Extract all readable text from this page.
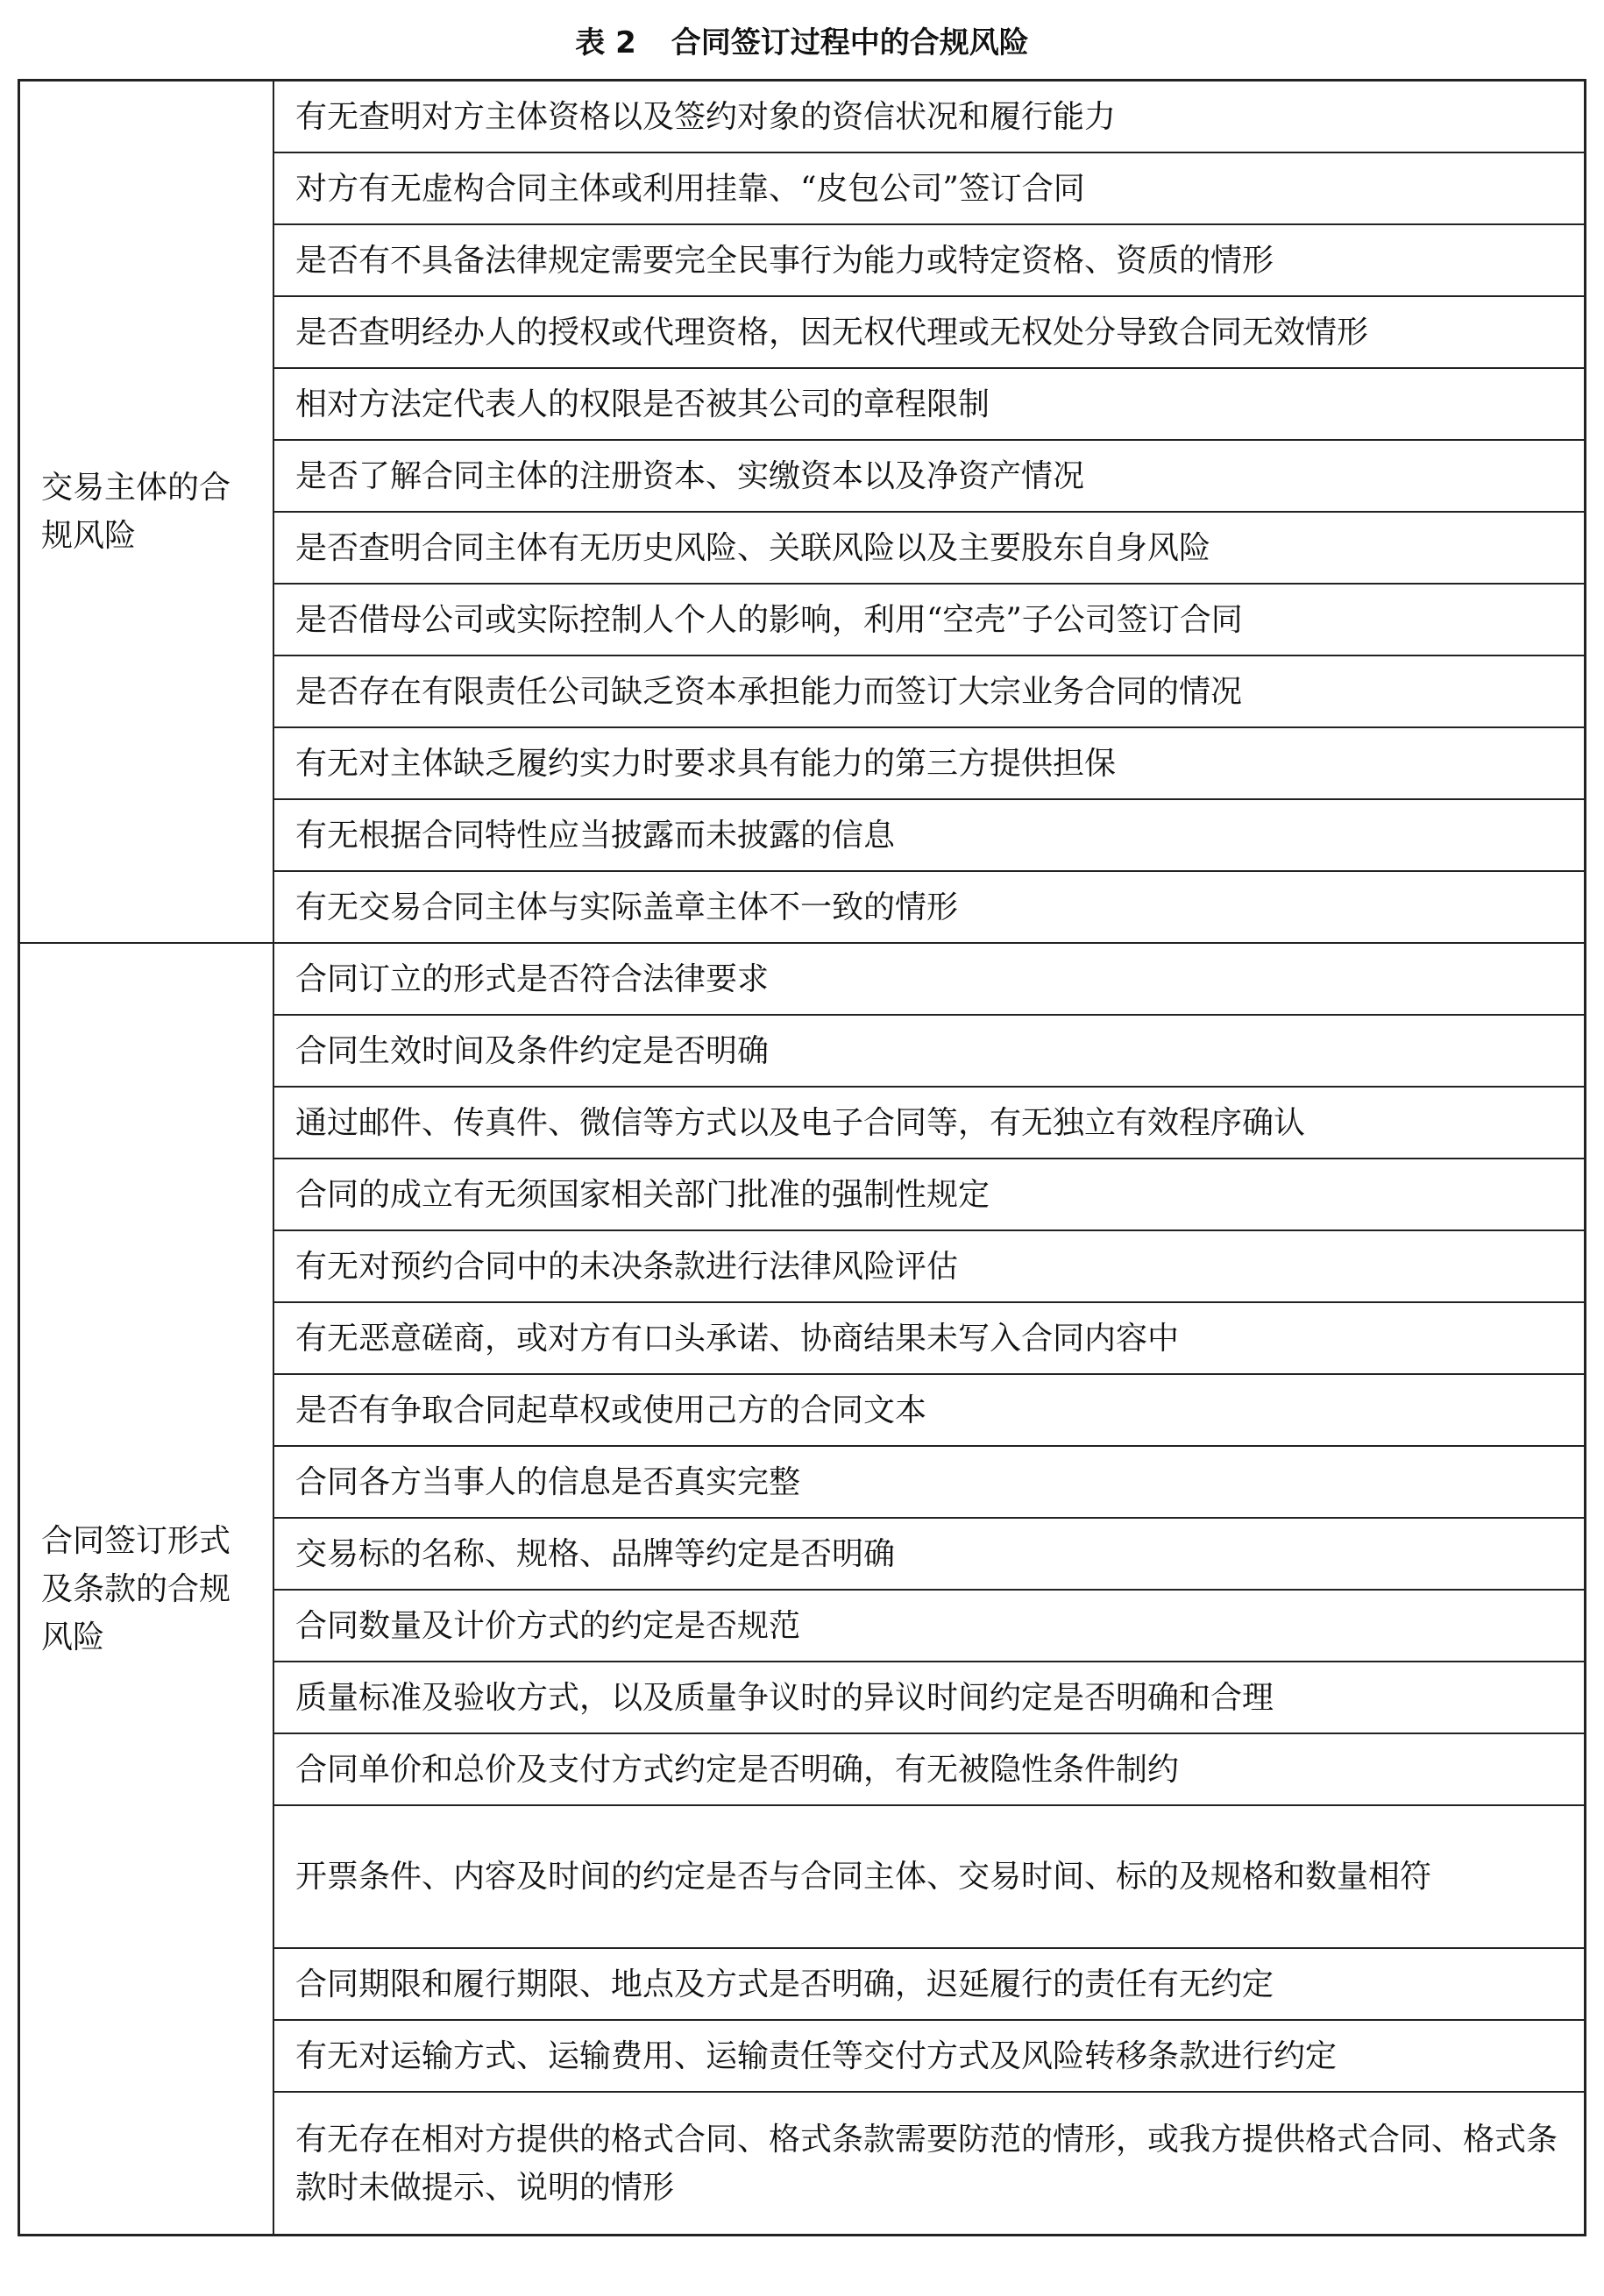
表 2 合同签订过程中的合规风险
交易主体的合规风险	有无查明对方主体资格以及签约对象的资信状况和履行能力
	对方有无虚构合同主体或利用挂靠、“皮包公司”签订合同
	是否有不具备法律规定需要完全民事行为能力或特定资格、资质的情形
	是否查明经办人的授权或代理资格，因无权代理或无权处分导致合同无效情形
	相对方法定代表人的权限是否被其公司的章程限制
	是否了解合同主体的注册资本、实缴资本以及净资产情况
	是否查明合同主体有无历史风险、关联风险以及主要股东自身风险
	是否借母公司或实际控制人个人的影响，利用“空壳”子公司签订合同
	是否存在有限责任公司缺乏资本承担能力而签订大宗业务合同的情况
	有无对主体缺乏履约实力时要求具有能力的第三方提供担保
	有无根据合同特性应当披露而未披露的信息
	有无交易合同主体与实际盖章主体不一致的情形
合同签订形式及条款的合规风险	合同订立的形式是否符合法律要求
	合同生效时间及条件约定是否明确
	通过邮件、传真件、微信等方式以及电子合同等，有无独立有效程序确认
	合同的成立有无须国家相关部门批准的强制性规定
	有无对预约合同中的未决条款进行法律风险评估
	有无恶意磋商，或对方有口头承诺、协商结果未写入合同内容中
	是否有争取合同起草权或使用己方的合同文本
	合同各方当事人的信息是否真实完整
	交易标的名称、规格、品牌等约定是否明确
	合同数量及计价方式的约定是否规范
	质量标准及验收方式，以及质量争议时的异议时间约定是否明确和合理
	合同单价和总价及支付方式约定是否明确，有无被隐性条件制约
	开票条件、内容及时间的约定是否与合同主体、交易时间、标的及规格和数量相符
	合同期限和履行期限、地点及方式是否明确，迟延履行的责任有无约定
	有无对运输方式、运输费用、运输责任等交付方式及风险转移条款进行约定
	有无存在相对方提供的格式合同、格式条款需要防范的情形，或我方提供格式合同、格式条款时未做提示、说明的情形
